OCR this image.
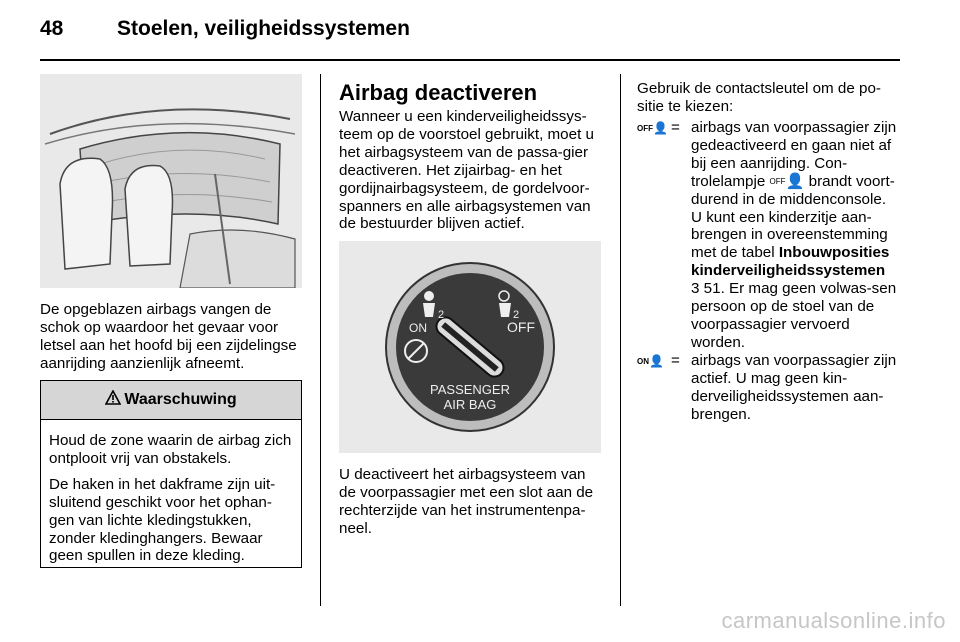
48	Stoelen, veiligheidssystemen
De opgeblazen airbags vangen de schok op waardoor het gevaar voor letsel aan het hoofd bij een zijdelingse aanrijding aanzienlijk afneemt.
Waarschuwing

Houd de zone waarin de airbag zich ontplooit vrij van obstakels.

De haken in het dakframe zijn uit-sluitend geschikt voor het ophan-gen van lichte kledingstukken, zonder kledinghangers. Bewaar geen spullen in deze kleding.

Airbag deactiveren
Wanneer u een kinderveiligheidssys-teem op de voorstoel gebruikt, moet u het airbagsysteem van de passa-gier deactiveren. Het zijairbag- en het gordijnairbagsysteem, de gordelvoor-spanners en alle airbagsystemen van de bestuurder blijven actief.
2	2
ON	OFF
PASSENGER
AIR BAG
U deactiveert het airbagsysteem van de voorpassagier met een slot aan de rechterzijde van het instrumentenpa-neel.
Gebruik de contactsleutel om de po-sitie te kiezen:
$^{OFF}$👤 = airbags van voorpassagier zijn gedeactiveerd en gaan niet af bij een aanrijding. Con-trolelampje $^{OFF}$👤 brandt voort-durend in de middenconsole. U kunt een kinderzitje aan-brengen in overeenstemming met de tabel Inbouwposities kinderveiligheidssystemen
3 51. Er mag geen volwas-sen persoon op de stoel van de voorpassagier vervoerd worden.
$^{ON}$👤 = airbags van voorpassagier zijn actief. U mag geen kin-derveiligheidssystemen aan-brengen.
carmanualsonline.info
